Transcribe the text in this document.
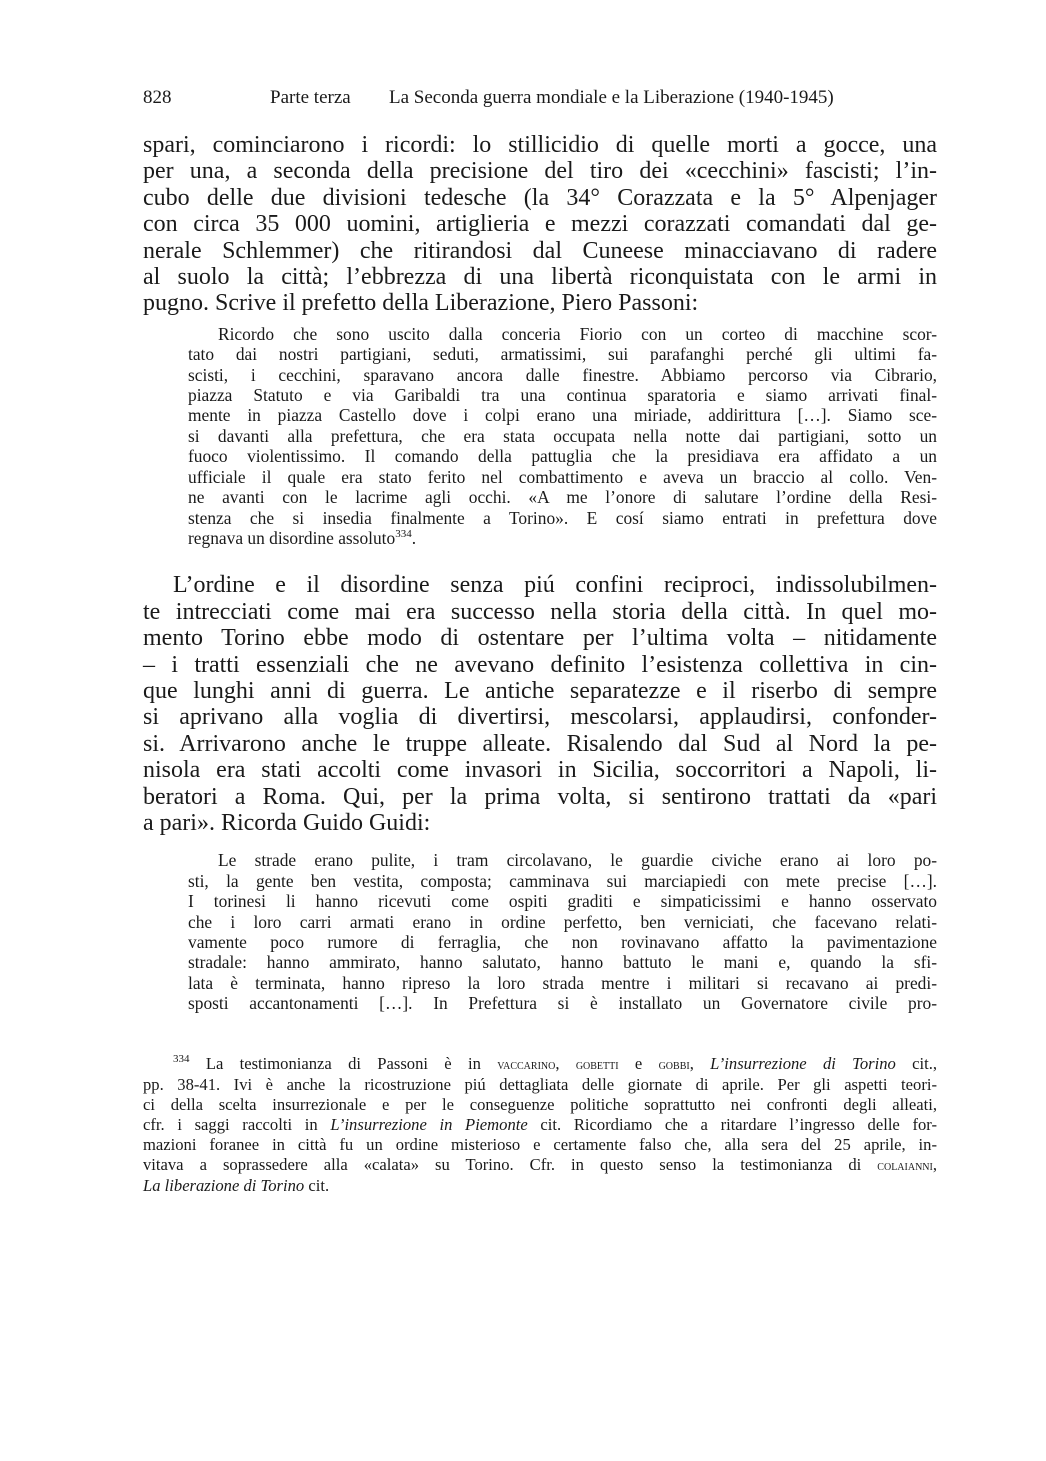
828	Parte terza La Seconda guerra mondiale e la Liberazione (1940-1945)

spari, cominciarono i ricordi: lo stillicidio di quelle morti a gocce, una
per una, a seconda della precisione del tiro dei «cecchini» fascisti; l’in-
cubo delle due divisioni tedesche (la 34° Corazzata e la 5° Alpenjager
con circa 35 000 uomini, artiglieria e mezzi corazzati comandati dal ge-
nerale Schlemmer) che ritirandosi dal Cuneese minacciavano di radere
al suolo la città; l’ebbrezza di una libertà riconquistata con le armi in
pugno. Scrive il prefetto della Liberazione, Piero Passoni:

Ricordo che sono uscito dalla conceria Fiorio con un corteo di macchine scor-
tato dai nostri partigiani, seduti, armatissimi, sui parafanghi perché gli ultimi fa-
scisti, i cecchini, sparavano ancora dalle finestre. Abbiamo percorso via Cibrario,
piazza Statuto e via Garibaldi tra una continua sparatoria e siamo arrivati final-
mente in piazza Castello dove i colpi erano una miriade, addirittura […]. Siamo sce-
si davanti alla prefettura, che era stata occupata nella notte dai partigiani, sotto un
fuoco violentissimo. Il comando della pattuglia che la presidiava era affidato a un
ufficiale il quale era stato ferito nel combattimento e aveva un braccio al collo. Ven-
ne avanti con le lacrime agli occhi. «A me l’onore di salutare l’ordine della Resi-
stenza che si insedia finalmente a Torino». E cosí siamo entrati in prefettura dove
regnava un disordine assoluto$^{334}$.

L’ordine e il disordine senza piú confini reciproci, indissolubilmen-
te intrecciati come mai era successo nella storia della città. In quel mo-
mento Torino ebbe modo di ostentare per l’ultima volta – nitidamente
– i tratti essenziali che ne avevano definito l’esistenza collettiva in cin-
que lunghi anni di guerra. Le antiche separatezze e il riserbo di sempre
si aprivano alla voglia di divertirsi, mescolarsi, applaudirsi, confonder-
si. Arrivarono anche le truppe alleate. Risalendo dal Sud al Nord la pe-
nisola era stati accolti come invasori in Sicilia, soccorritori a Napoli, li-
beratori a Roma. Qui, per la prima volta, si sentirono trattati da «pari
a pari». Ricorda Guido Guidi:

Le strade erano pulite, i tram circolavano, le guardie civiche erano ai loro po-
sti, la gente ben vestita, composta; camminava sui marciapiedi con mete precise […].
I torinesi li hanno ricevuti come ospiti graditi e simpaticissimi e hanno osservato
che i loro carri armati erano in ordine perfetto, ben verniciati, che facevano relati-
vamente poco rumore di ferraglia, che non rovinavano affatto la pavimentazione
stradale: hanno ammirato, hanno salutato, hanno battuto le mani e, quando la sfi-
lata è terminata, hanno ripreso la loro strada mentre i militari si recavano ai predi-
sposti accantonamenti […]. In Prefettura si è installato un Governatore civile pro-
$^{334}$ La testimonianza di Passoni è in vaccarino, gobetti e gobbi, L’insurrezione di Torino cit.,
pp. 38-41. Ivi è anche la ricostruzione piú dettagliata delle giornate di aprile. Per gli aspetti teori-
ci della scelta insurrezionale e per le conseguenze politiche soprattutto nei confronti degli alleati,
cfr. i saggi raccolti in L’insurrezione in Piemonte cit. Ricordiamo che a ritardare l’ingresso delle for-
mazioni foranee in città fu un ordine misterioso e certamente falso che, alla sera del 25 aprile, in-
vitava a soprassedere alla «calata» su Torino. Cfr. in questo senso la testimonianza di colaianni,
La liberazione di Torino cit.
